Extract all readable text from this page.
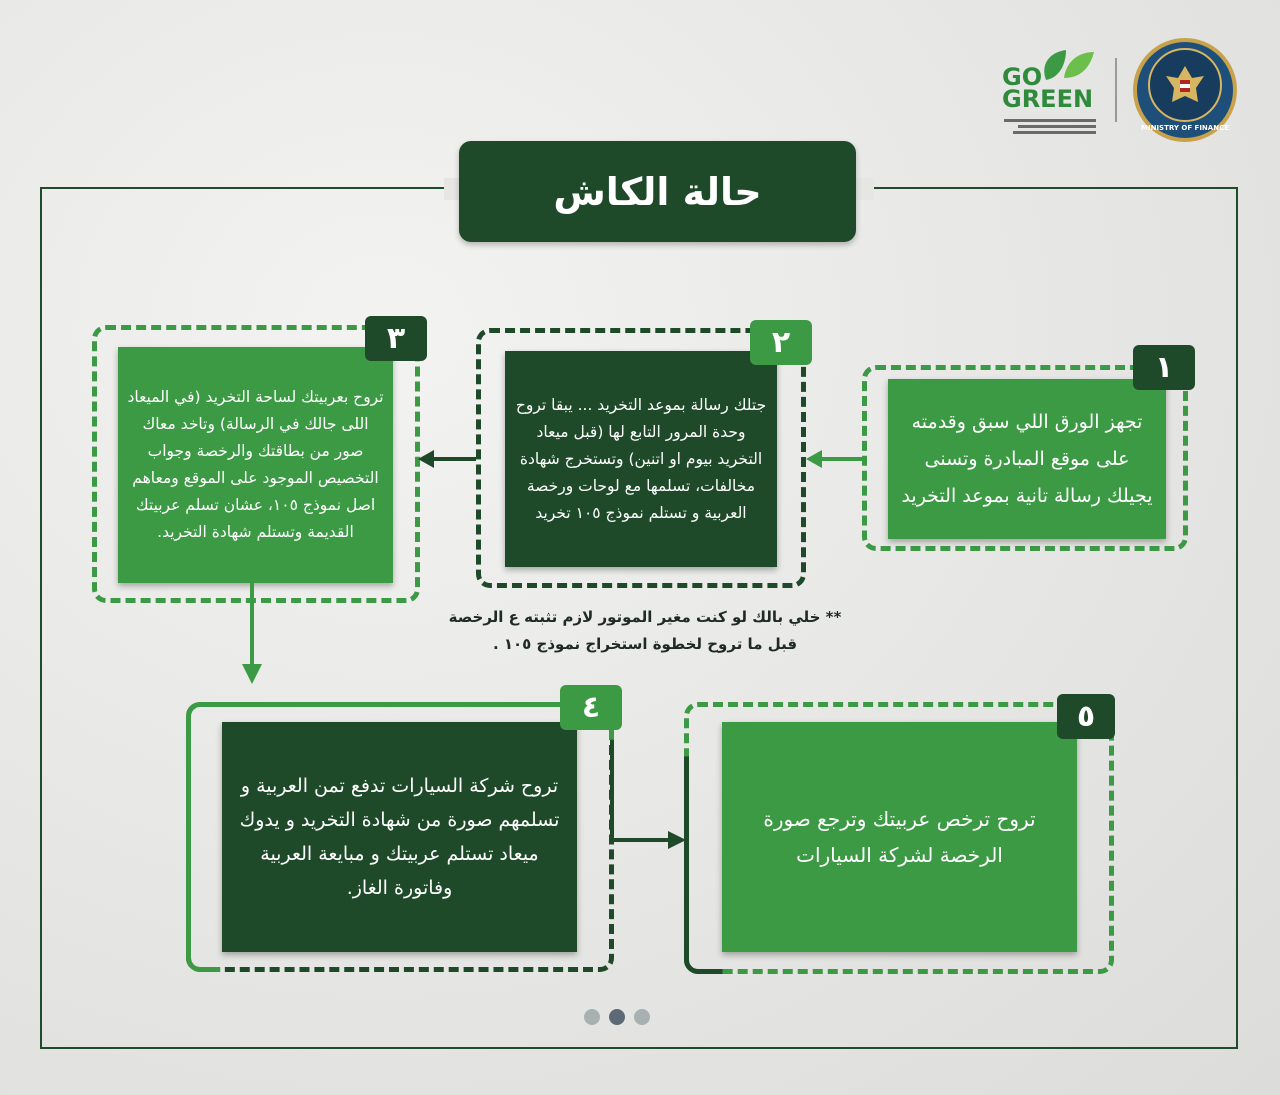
GO
GREEN
MINISTRY OF FINANCE
حالة الكاش
تجهز الورق اللي سبق وقدمته على موقع المبادرة وتسنى يجيلك رسالة تانية بموعد التخريد
١
جتلك رسالة بموعد التخريد ... يبقا تروح وحدة المرور التابع لها (قبل ميعاد التخريد بيوم او اتنين) وتستخرج شهادة مخالفات، تسلمها مع لوحات ورخصة العربية و تستلم نموذج ١٠٥ تخريد
٢
تروح بعربيتك لساحة التخريد (في الميعاد اللى جالك في الرسالة) وتاخد معاك صور من بطاقتك والرخصة وجواب التخصيص الموجود على الموقع ومعاهم اصل نموذج ١٠٥، عشان تسلم عربيتك القديمة وتستلم شهادة التخريد.
٣
** خلي بالك لو كنت مغير الموتور لازم تثبته ع الرخصة
قبل ما تروح لخطوة استخراج نموذج ١٠٥ .
تروح شركة السيارات تدفع تمن العربية و تسلمهم صورة من شهادة التخريد و يدوك ميعاد تستلم عربيتك و مبايعة العربية وفاتورة الغاز.
٤
تروح ترخص عربيتك وترجع صورة الرخصة لشركة السيارات
٥
